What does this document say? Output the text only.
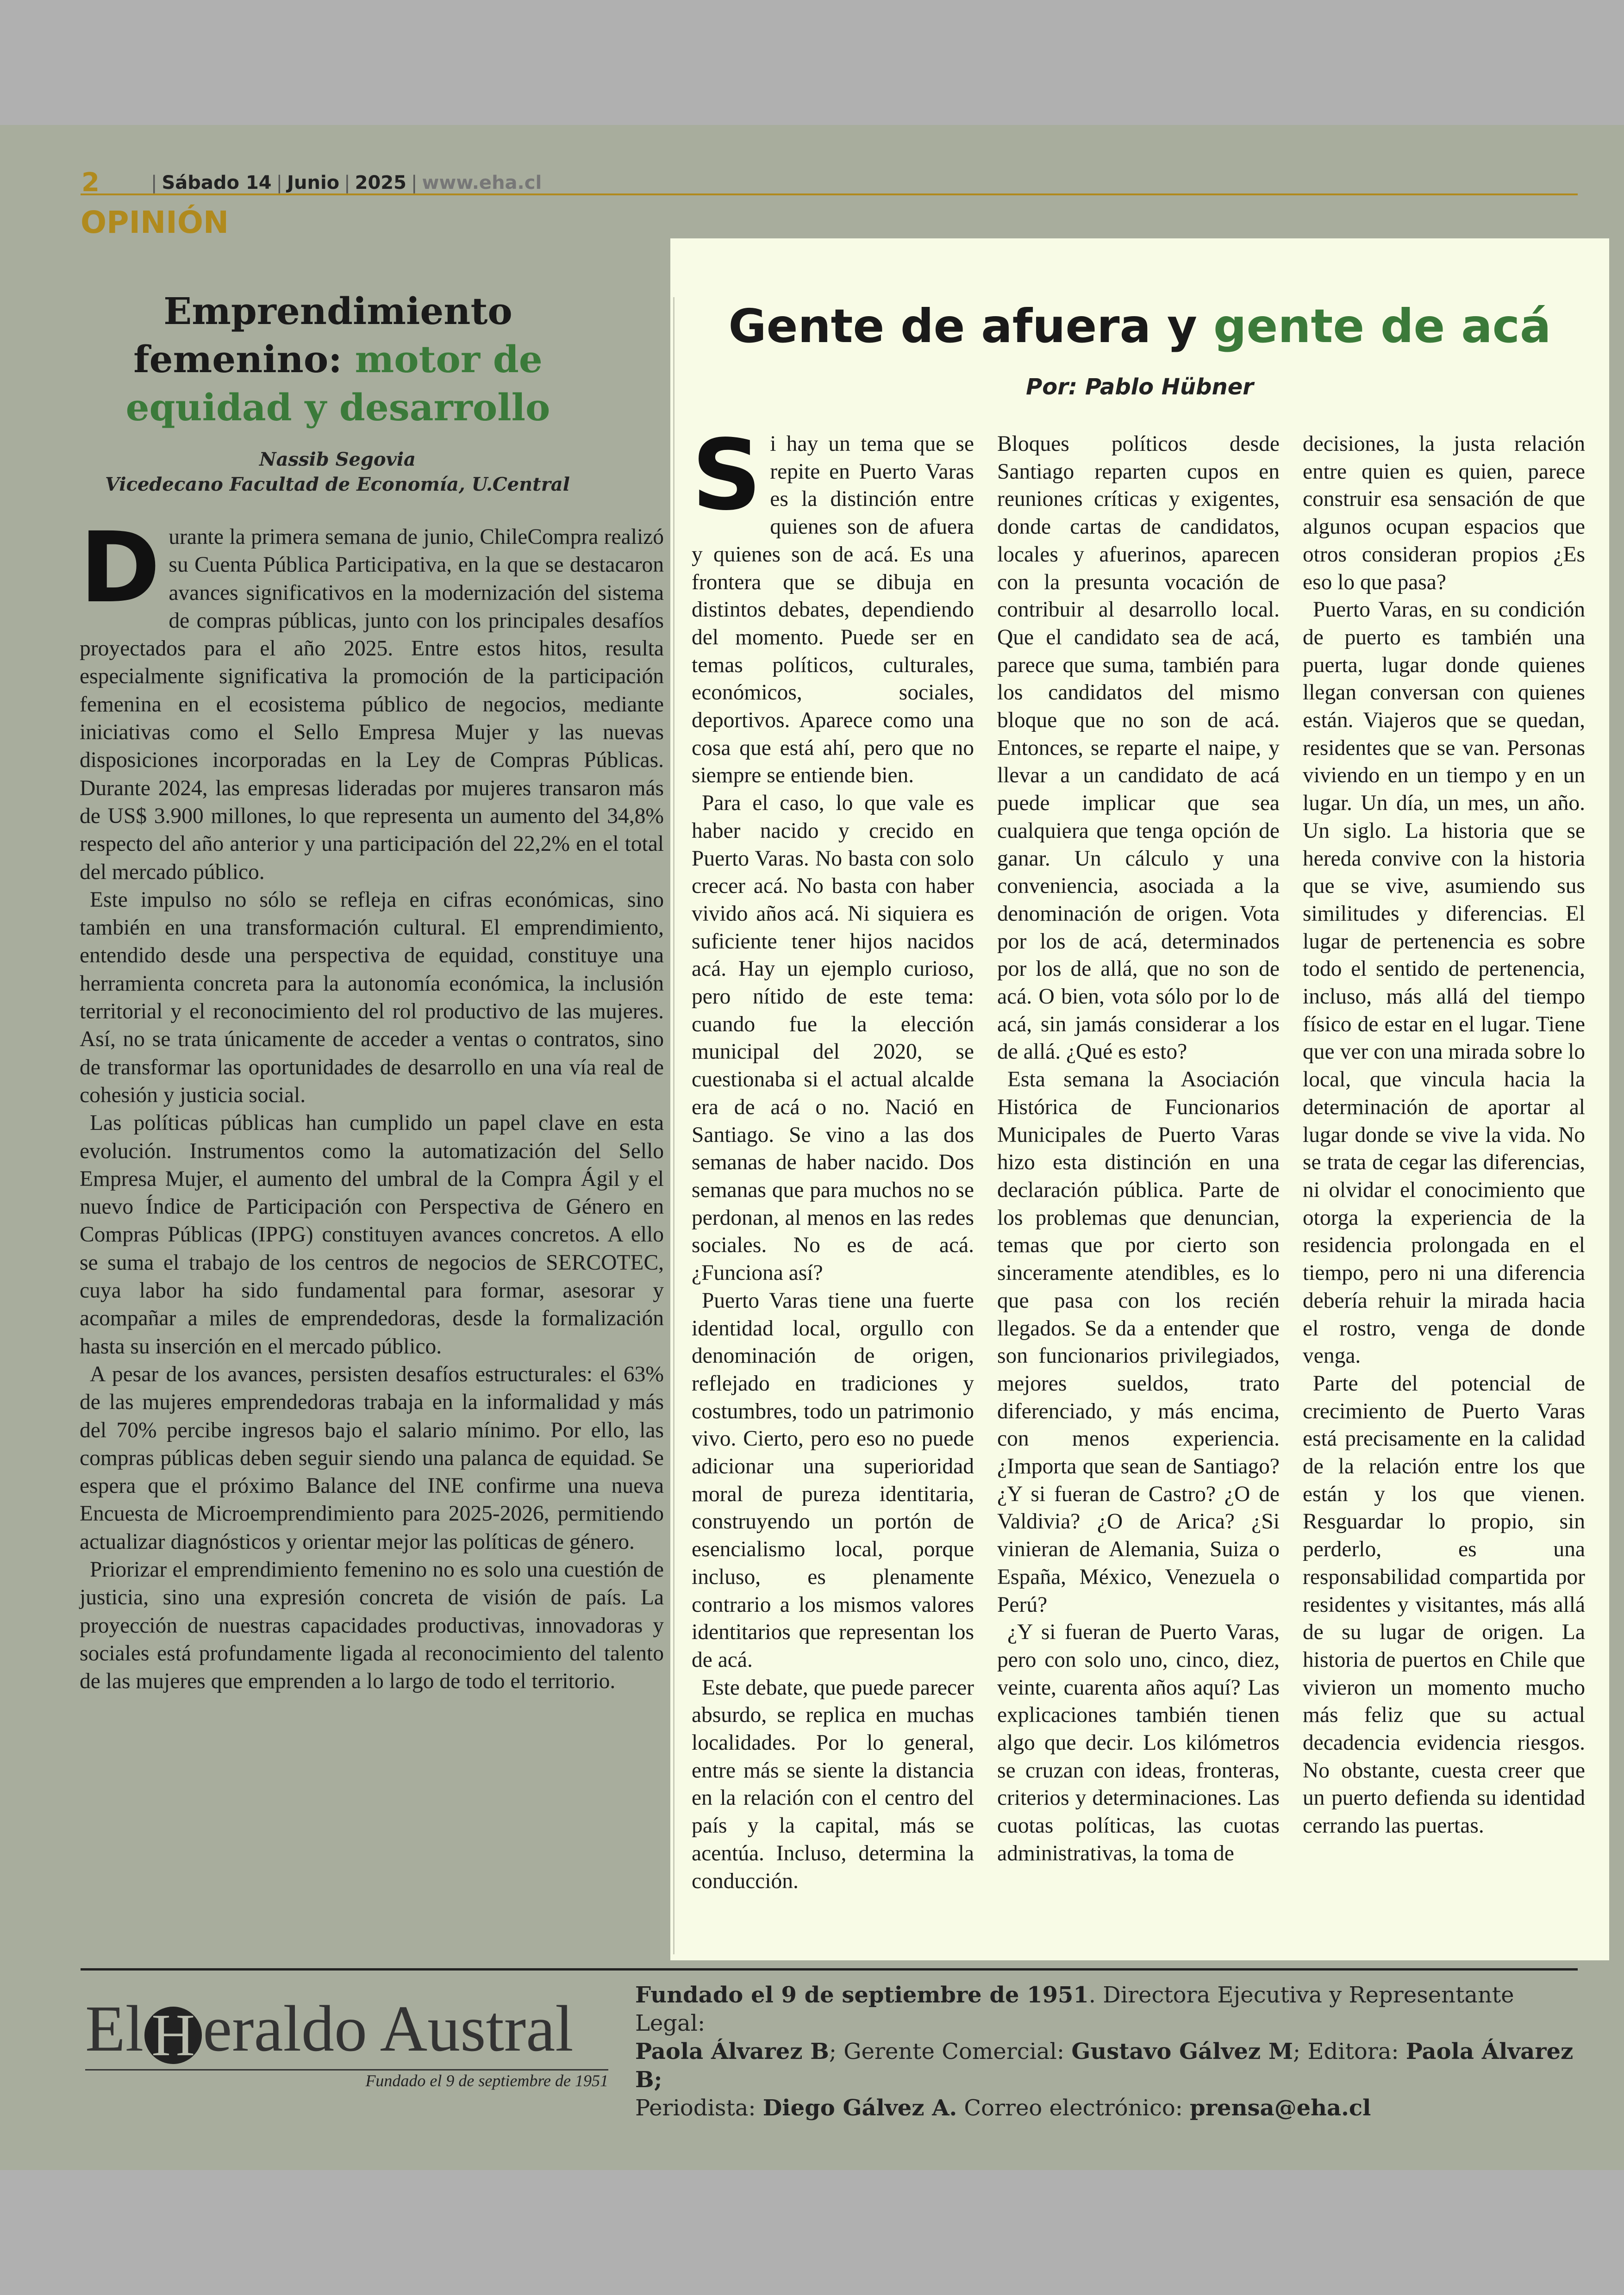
2	| Sábado 14 | Junio | 2025 | www.eha.cl
OPINIÓN
Emprendimiento femenino: motor de equidad y desarrollo
Nassib Segovia
Vicedecano Facultad de Economía, U.Central

Durante la primera semana de junio, ChileCompra realizó su Cuenta Pública Participativa, en la que se destacaron avances significativos en la modernización del sistema de compras públicas, junto con los principales desafíos proyectados para el año 2025. Entre estos hitos, resulta especialmente significativa la promoción de la participación femenina en el ecosistema público de negocios, mediante iniciativas como el Sello Empresa Mujer y las nuevas disposiciones incorporadas en la Ley de Compras Públicas. Durante 2024, las empresas lideradas por mujeres transaron más de US$ 3.900 millones, lo que representa un aumento del 34,8% respecto del año anterior y una participación del 22,2% en el total del mercado público.

Este impulso no sólo se refleja en cifras económicas, sino también en una transformación cultural. El emprendimiento, entendido desde una perspectiva de equidad, constituye una herramienta concreta para la autonomía económica, la inclusión territorial y el reconocimiento del rol productivo de las mujeres. Así, no se trata únicamente de acceder a ventas o contratos, sino de transformar las oportunidades de desarrollo en una vía real de cohesión y justicia social.

Las políticas públicas han cumplido un papel clave en esta evolución. Instrumentos como la automatización del Sello Empresa Mujer, el aumento del umbral de la Compra Ágil y el nuevo Índice de Participación con Perspectiva de Género en Compras Públicas (IPPG) constituyen avances concretos. A ello se suma el trabajo de los centros de negocios de SERCOTEC, cuya labor ha sido fundamental para formar, asesorar y acompañar a miles de emprendedoras, desde la formalización hasta su inserción en el mercado público.

A pesar de los avances, persisten desafíos estructurales: el 63% de las mujeres emprendedoras trabaja en la informalidad y más del 70% percibe ingresos bajo el salario mínimo. Por ello, las compras públicas deben seguir siendo una palanca de equidad. Se espera que el próximo Balance del INE confirme una nueva Encuesta de Microemprendimiento para 2025-2026, permitiendo actualizar diagnósticos y orientar mejor las políticas de género.

Priorizar el emprendimiento femenino no es solo una cuestión de justicia, sino una expresión concreta de visión de país. La proyección de nuestras capacidades productivas, innovadoras y sociales está profundamente ligada al reconocimiento del talento de las mujeres que emprenden a lo largo de todo el territorio.

Gente de afuera y gente de acá
Por: Pablo Hübner

Si hay un tema que se repite en Puerto Varas es la distinción entre quienes son de afuera y quienes son de acá. Es una frontera que se dibuja en distintos debates, dependiendo del momento. Puede ser en temas políticos, culturales, económicos, sociales, deportivos. Aparece como una cosa que está ahí, pero que no siempre se entiende bien.

Para el caso, lo que vale es haber nacido y crecido en Puerto Varas. No basta con solo crecer acá. No basta con haber vivido años acá. Ni siquiera es suficiente tener hijos nacidos acá. Hay un ejemplo curioso, pero nítido de este tema: cuando fue la elección municipal del 2020, se cuestionaba si el actual alcalde era de acá o no. Nació en Santiago. Se vino a las dos semanas de haber nacido. Dos semanas que para muchos no se perdonan, al menos en las redes sociales. No es de acá. ¿Funciona así?

Puerto Varas tiene una fuerte identidad local, orgullo con denominación de origen, reflejado en tradiciones y costumbres, todo un patrimonio vivo. Cierto, pero eso no puede adicionar una superioridad moral de pureza identitaria, construyendo un portón de esencialismo local, porque incluso, es plenamente contrario a los mismos valores identitarios que representan los de acá.

Este debate, que puede parecer absurdo, se replica en muchas localidades. Por lo general, entre más se siente la distancia en la relación con el centro del país y la capital, más se acentúa. Incluso, determina la conducción.

Bloques políticos desde Santiago reparten cupos en reuniones críticas y exigentes, donde cartas de candidatos, locales y afuerinos, aparecen con la presunta vocación de contribuir al desarrollo local. Que el candidato sea de acá, parece que suma, también para los candidatos del mismo bloque que no son de acá. Entonces, se reparte el naipe, y llevar a un candidato de acá puede implicar que sea cualquiera que tenga opción de ganar. Un cálculo y una conveniencia, asociada a la denominación de origen. Vota por los de acá, determinados por los de allá, que no son de acá. O bien, vota sólo por lo de acá, sin jamás considerar a los de allá. ¿Qué es esto?

Esta semana la Asociación Histórica de Funcionarios Municipales de Puerto Varas hizo esta distinción en una declaración pública. Parte de los problemas que denuncian, temas que por cierto son sinceramente atendibles, es lo que pasa con los recién llegados. Se da a entender que son funcionarios privilegiados, mejores sueldos, trato diferenciado, y más encima, con menos experiencia. ¿Importa que sean de Santiago? ¿Y si fueran de Castro? ¿O de Valdivia? ¿O de Arica? ¿Si vinieran de Alemania, Suiza o España, México, Venezuela o Perú?

¿Y si fueran de Puerto Varas, pero con solo uno, cinco, diez, veinte, cuarenta años aquí? Las explicaciones también tienen algo que decir. Los kilómetros se cruzan con ideas, fronteras, criterios y determinaciones. Las cuotas políticas, las cuotas administrativas, la toma de

decisiones, la justa relación entre quien es quien, parece construir esa sensación de que algunos ocupan espacios que otros consideran propios ¿Es eso lo que pasa?

Puerto Varas, en su condición de puerto es también una puerta, lugar donde quienes llegan conversan con quienes están. Viajeros que se quedan, residentes que se van. Personas viviendo en un tiempo y en un lugar. Un día, un mes, un año. Un siglo. La historia que se hereda convive con la historia que se vive, asumiendo sus similitudes y diferencias. El lugar de pertenencia es sobre todo el sentido de pertenencia, incluso, más allá del tiempo físico de estar en el lugar. Tiene que ver con una mirada sobre lo local, que vincula hacia la determinación de aportar al lugar donde se vive la vida. No se trata de cegar las diferencias, ni olvidar el conocimiento que otorga la experiencia de la residencia prolongada en el tiempo, pero ni una diferencia debería rehuir la mirada hacia el rostro, venga de donde venga.

Parte del potencial de crecimiento de Puerto Varas está precisamente en la calidad de la relación entre los que están y los que vienen. Resguardar lo propio, sin perderlo, es una responsabilidad compartida por residentes y visitantes, más allá de su lugar de origen. La historia de puertos en Chile que vivieron un momento mucho más feliz que su actual decadencia evidencia riesgos. No obstante, cuesta creer que un puerto defienda su identidad cerrando las puertas.

El H eraldo Austral
Fundado el 9 de septiembre de 1951
Fundado el 9 de septiembre de 1951. Directora Ejecutiva y Representante Legal:
Paola Álvarez B; Gerente Comercial: Gustavo Gálvez M; Editora: Paola Álvarez B;
Periodista: Diego Gálvez A. Correo electrónico: prensa@eha.cl
